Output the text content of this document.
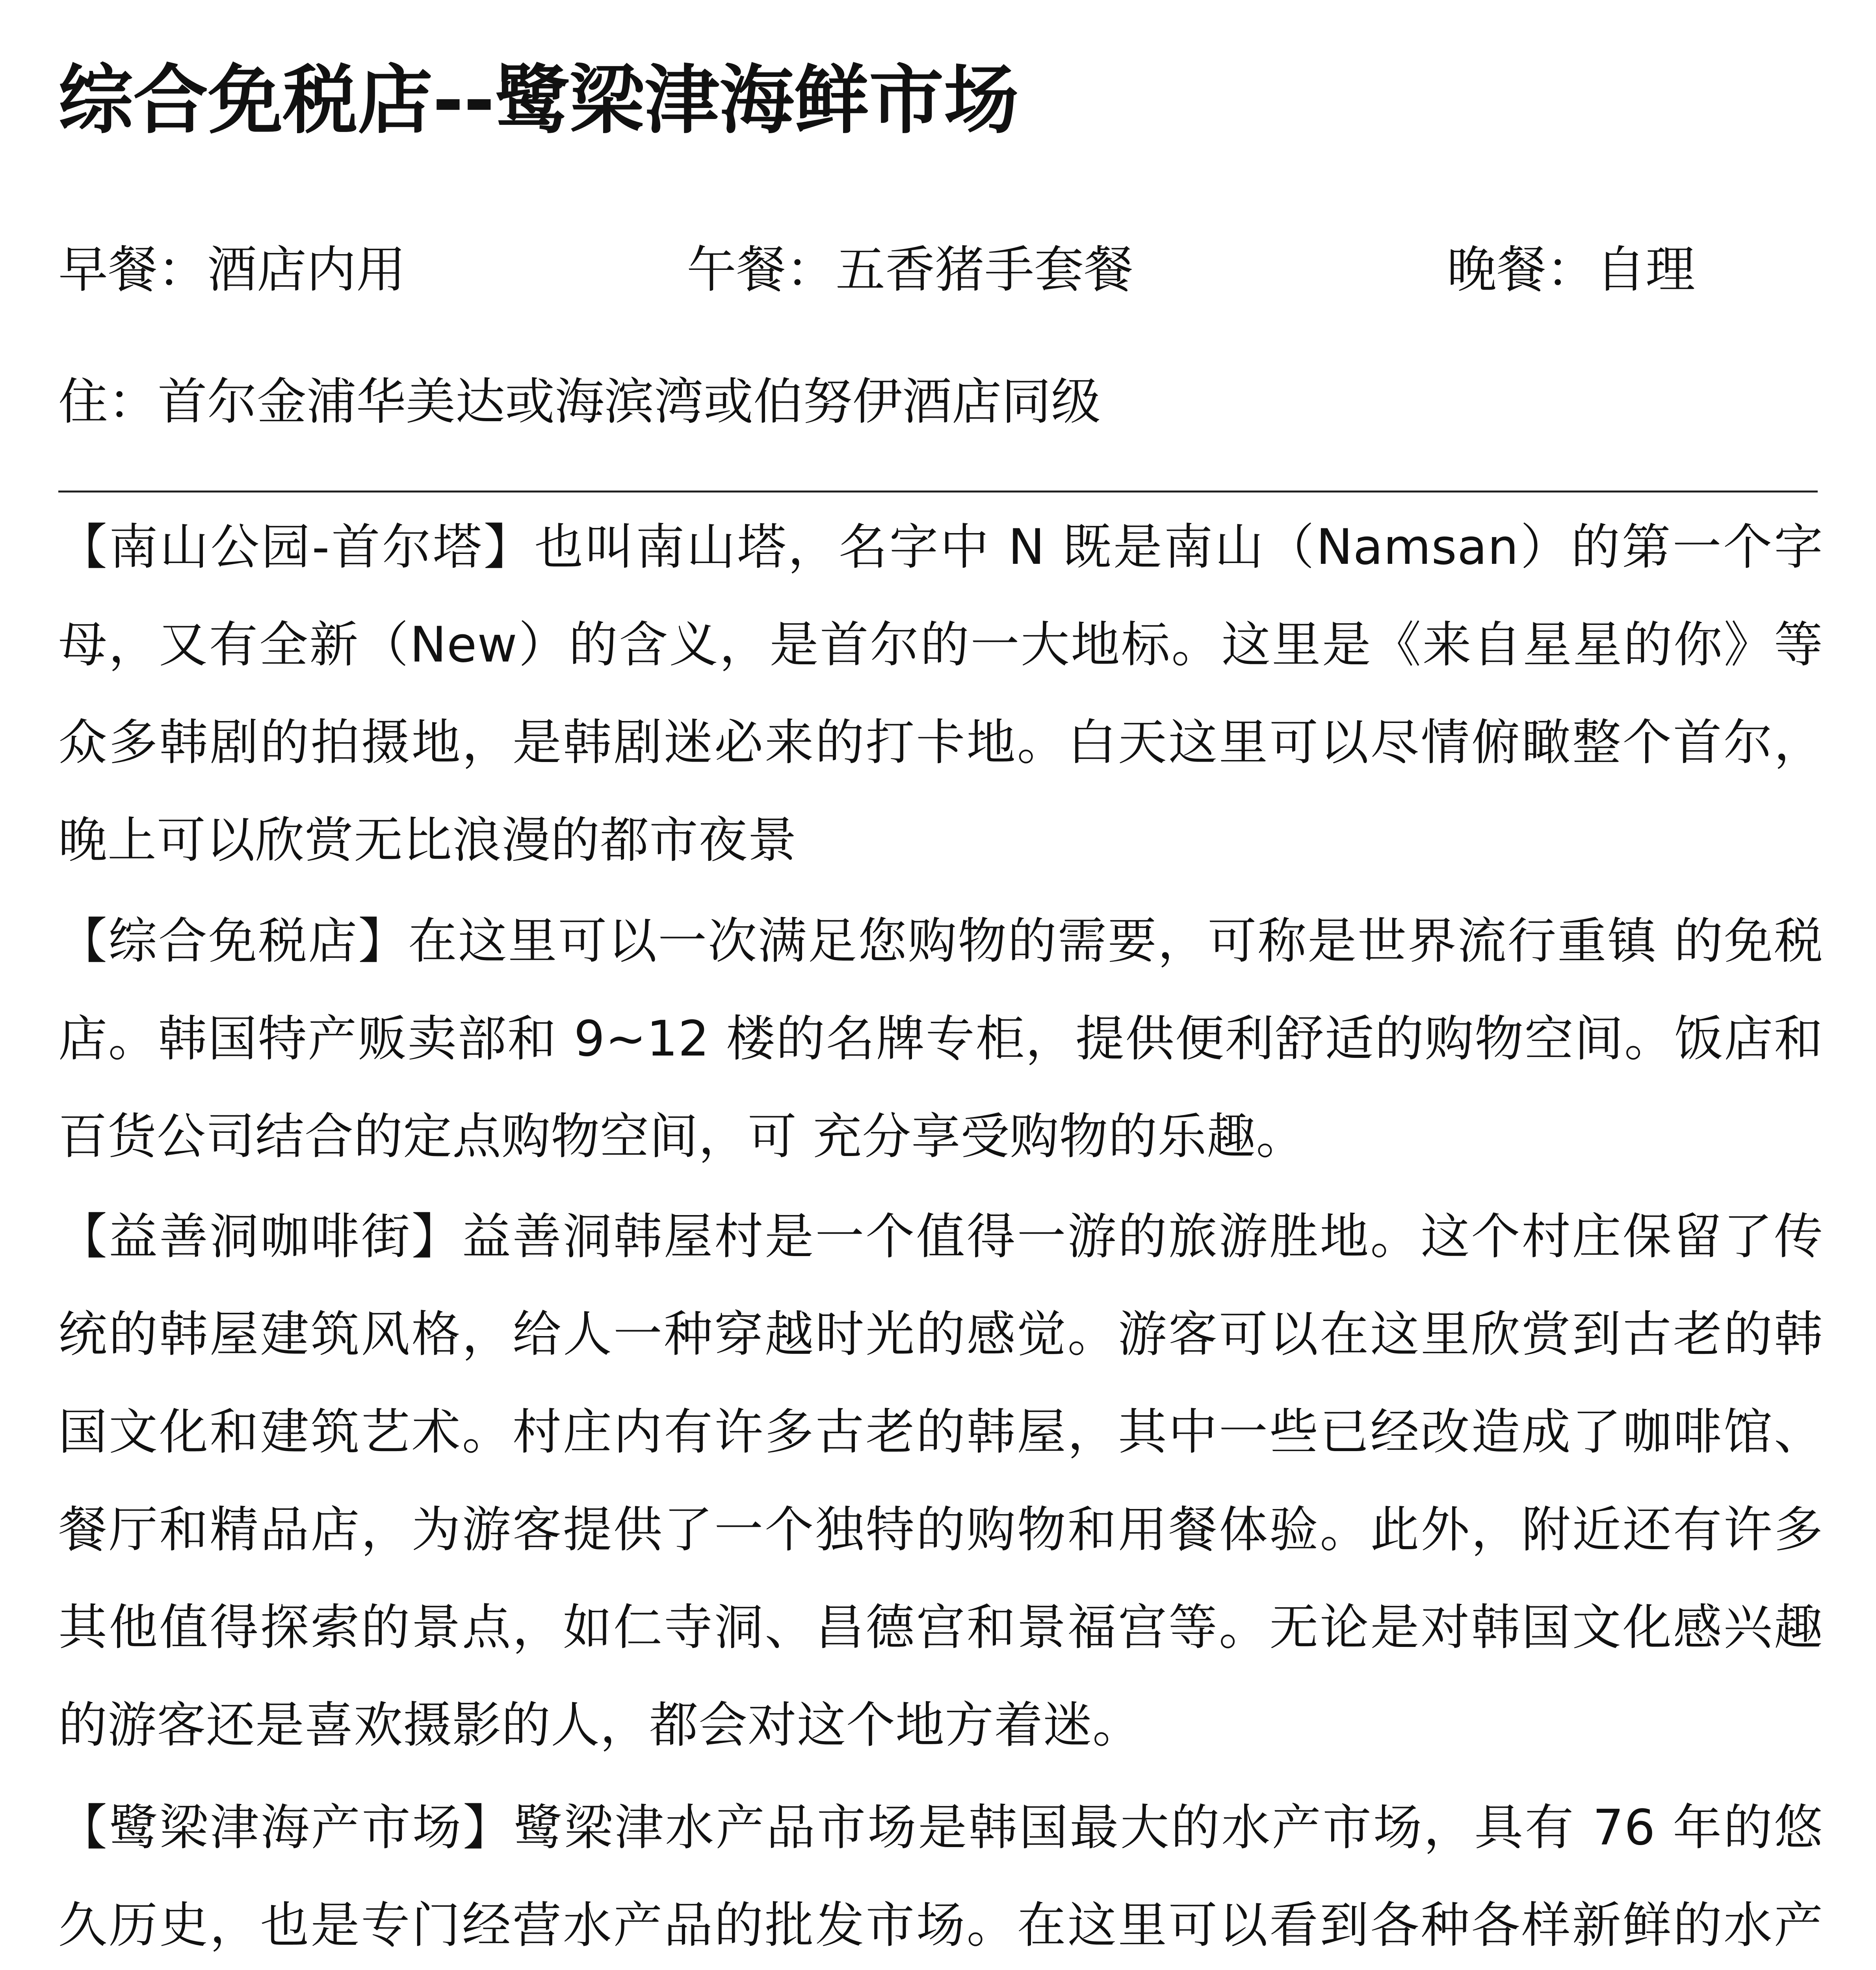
综合免税店--鹭梁津海鲜市场
早餐：酒店内用	午餐：五香猪手套餐	晚餐：自理
住：首尔金浦华美达或海滨湾或伯努伊酒店同级

【南山公园-首尔塔】也叫南山塔，名字中 N 既是南山（Namsan）的第一个字母，又有全新（New）的含义，是首尔的一大地标。这里是《来自星星的你》等众多韩剧的拍摄地，是韩剧迷必来的打卡地。白天这里可以尽情俯瞰整个首尔，晚上可以欣赏无比浪漫的都市夜景

【综合免税店】在这里可以一次满足您购物的需要，可称是世界流行重镇 的免税店。韩国特产贩卖部和 9~12 楼的名牌专柜，提供便利舒适的购物空间。饭店和百货公司结合的定点购物空间，可 充分享受购物的乐趣。

【益善洞咖啡街】益善洞韩屋村是一个值得一游的旅游胜地。这个村庄保留了传统的韩屋建筑风格，给人一种穿越时光的感觉。游客可以在这里欣赏到古老的韩国文化和建筑艺术。村庄内有许多古老的韩屋，其中一些已经改造成了咖啡馆、餐厅和精品店，为游客提供了一个独特的购物和用餐体验。此外，附近还有许多其他值得探索的景点，如仁寺洞、昌德宫和景福宫等。无论是对韩国文化感兴趣的游客还是喜欢摄影的人，都会对这个地方着迷。

【鹭梁津海产市场】鹭梁津水产品市场是韩国最大的水产市场，具有 76 年的悠久历史，也是专门经营水产品的批发市场。在这里可以看到各种各样新鲜的水产
